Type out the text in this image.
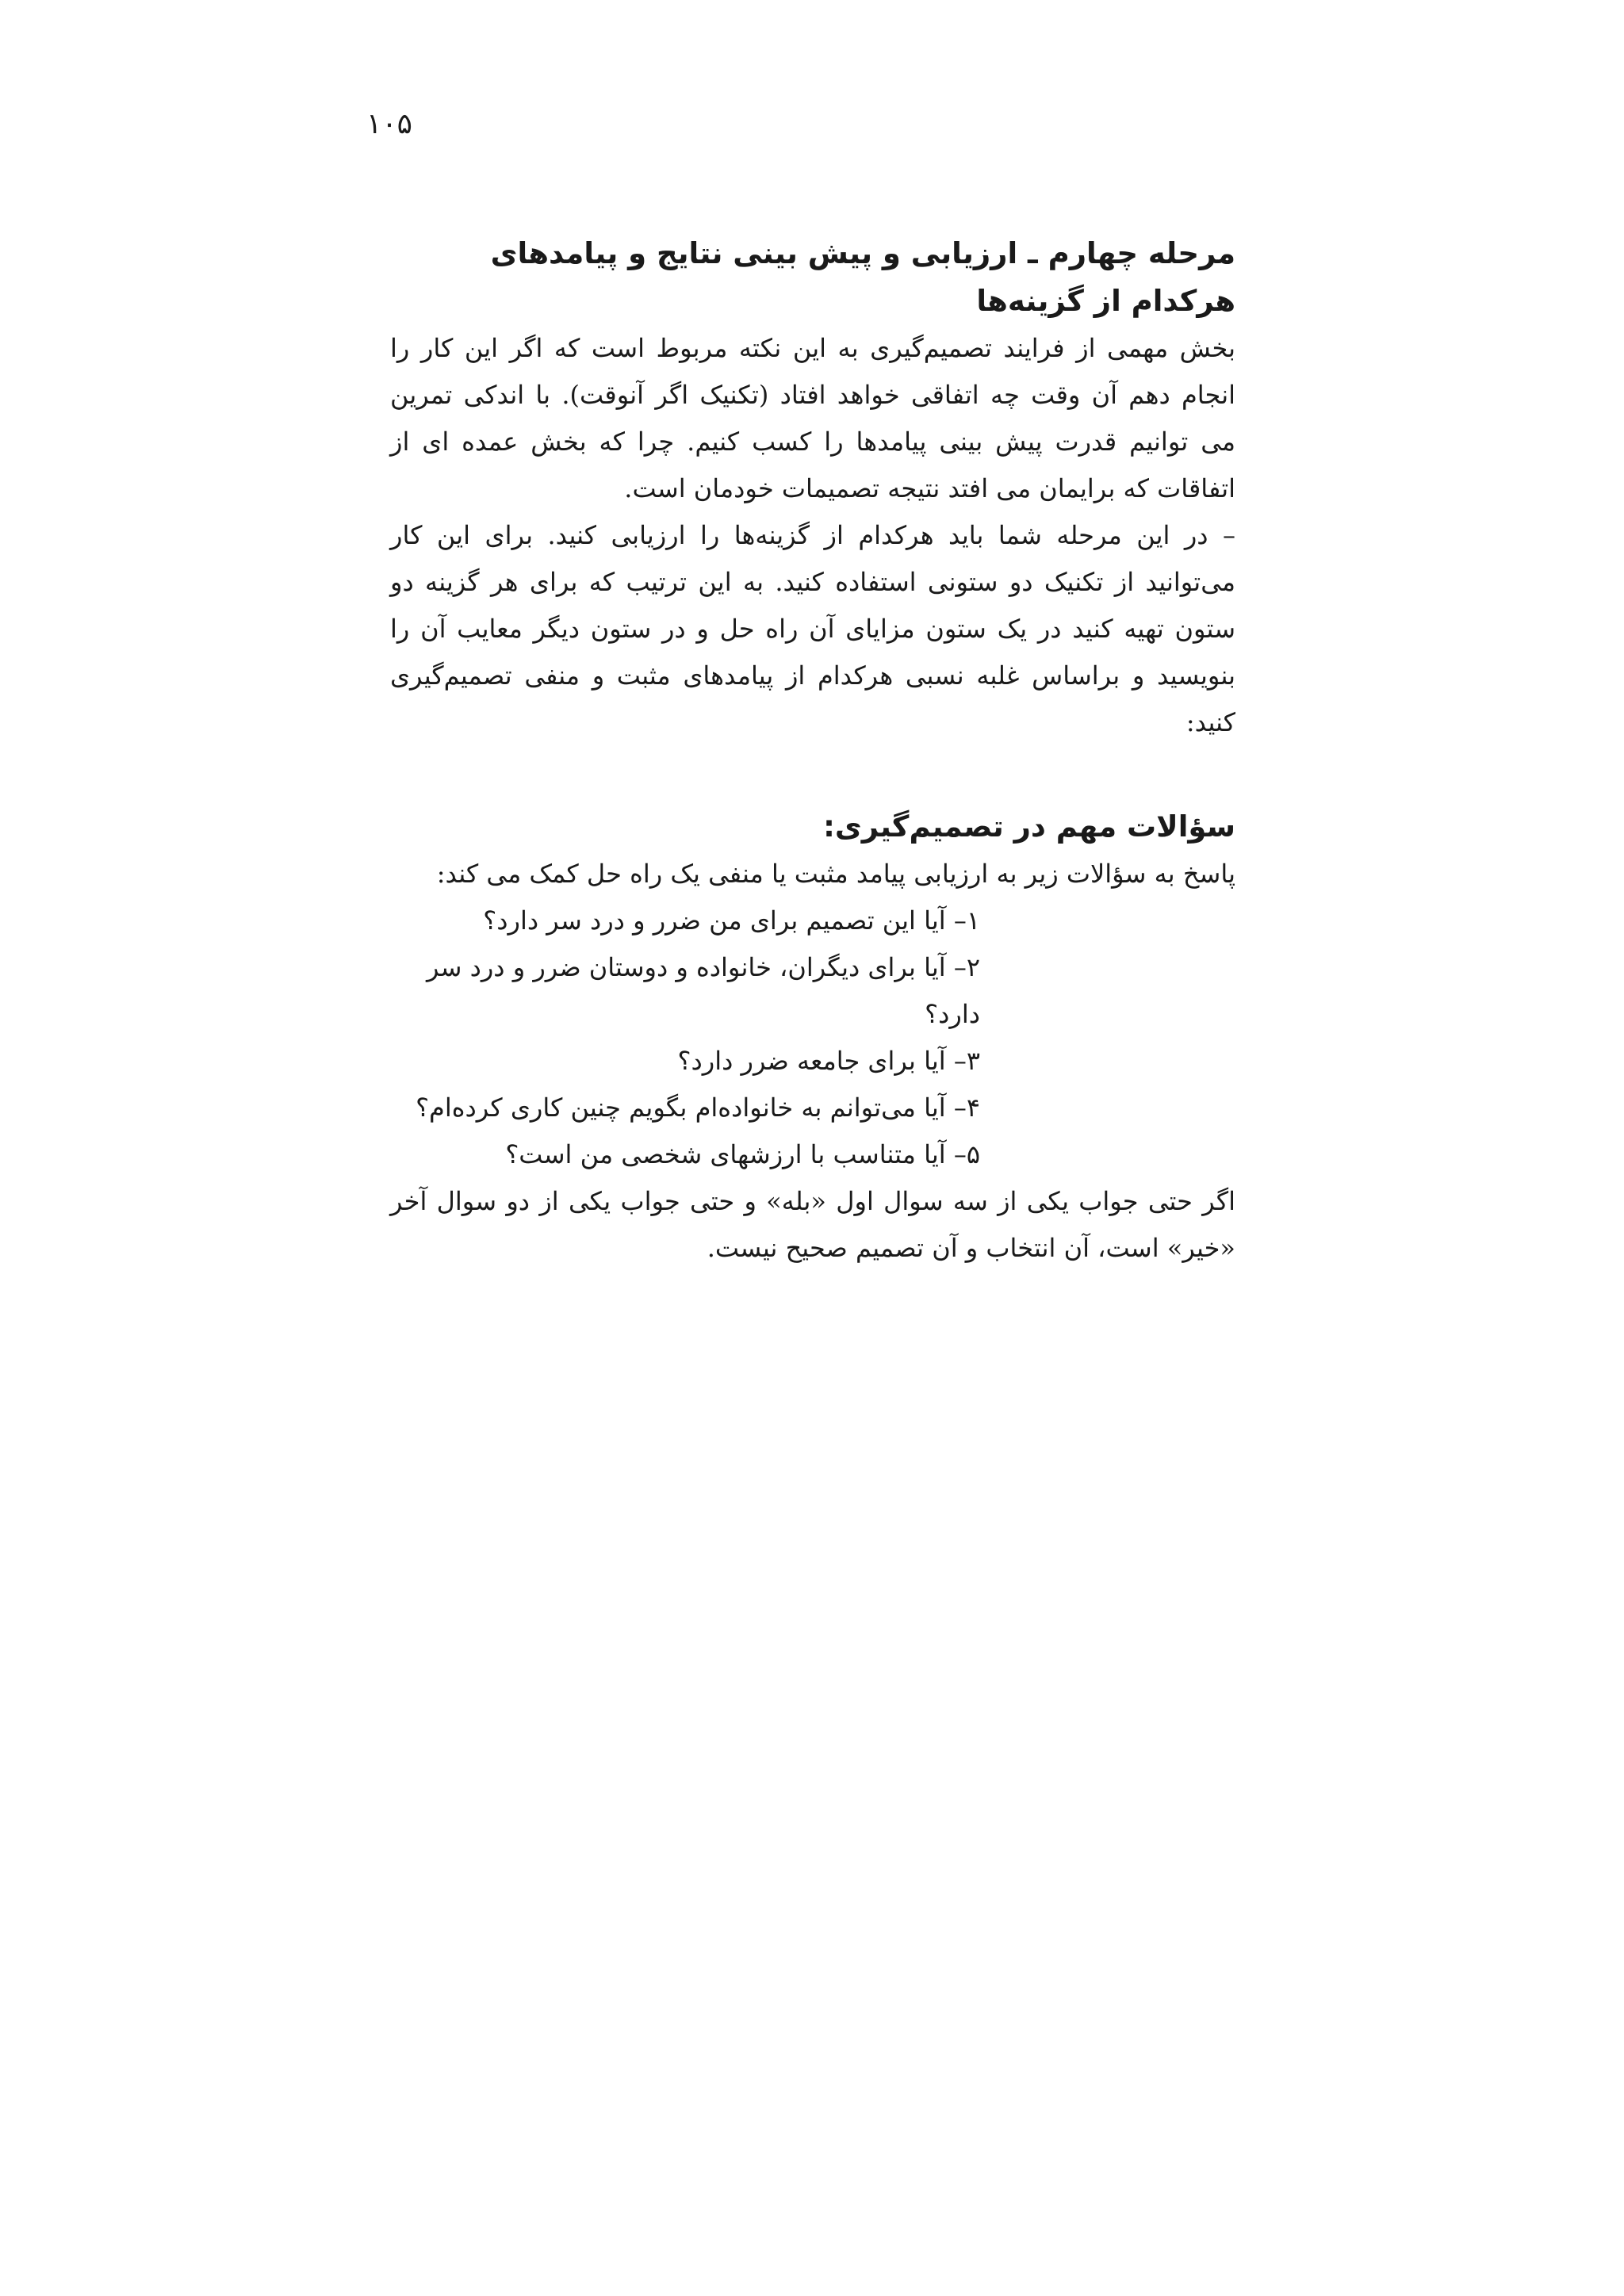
۱۰۵
مرحله چهارم ـ ارزیابی و پیش بینی نتایج و پیامدهای هرکدام از گزینه‌ها

بخش مهمی از فرایند تصمیم‌گیری به این نکته مربوط است که اگر این کار را انجام دهم آن وقت چه اتفاقی خواهد افتاد (تکنیک اگر آنوقت). با اندکی تمرین می توانیم قدرت پیش بینی پیامدها را کسب کنیم. چرا که بخش عمده ای از اتفاقات که برایمان می افتد نتیجه تصمیمات خودمان است.

– در این مرحله شما باید هرکدام از گزینه‌ها را ارزیابی کنید. برای این کار می‌توانید از تکنیک دو ستونی استفاده کنید. به این ترتیب که برای هر گزینه دو ستون تهیه کنید در یک ستون مزایای آن راه حل و در ستون دیگر معایب آن را بنویسید و براساس غلبه نسبی هرکدام از پیامدهای مثبت و منفی تصمیم‌گیری کنید:

سؤالات مهم در تصمیم‌گیری:

پاسخ به سؤالات زیر به ارزیابی پیامد مثبت یا منفی یک راه حل کمک می کند:

۱– آیا این تصمیم برای من ضرر و درد سر دارد؟
۲– آیا برای دیگران، خانواده و دوستان ضرر و درد سر دارد؟
۳– آیا برای جامعه ضرر دارد؟
۴– آیا می‌توانم به خانواده‌ام بگویم چنین کاری کرده‌ام؟
۵– آیا متناسب با ارزشهای شخصی من است؟

اگر حتی جواب یکی از سه سوال اول «بله» و حتی جواب یکی از دو سوال آخر «خیر» است، آن انتخاب و آن تصمیم صحیح نیست.
